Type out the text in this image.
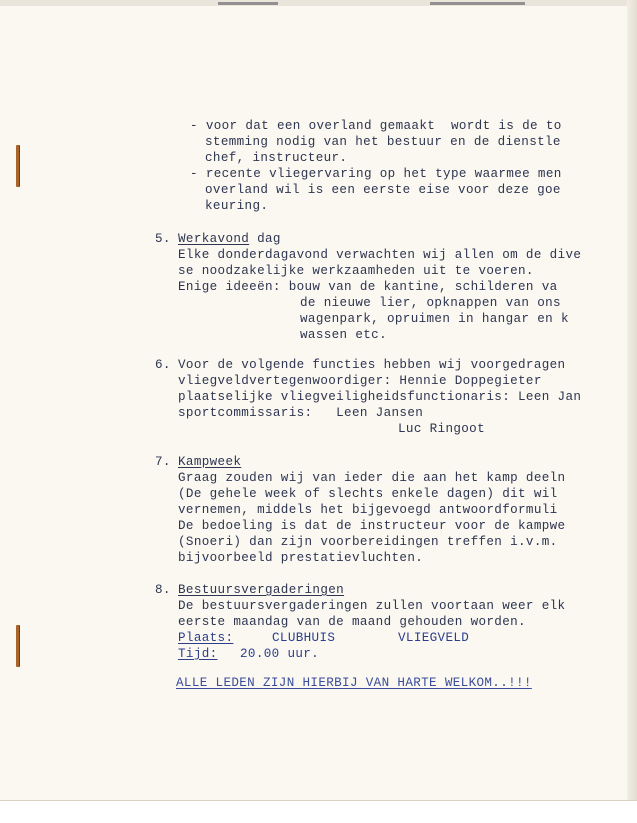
- voor dat een overland gemaakt  wordt is de to
stemming nodig van het bestuur en de dienstle
chef, instructeur.
- recente vliegervaring op het type waarmee men
overland wil is een eerste eise voor deze goe
keuring.
5. Werkavond dag
Elke donderdagavond verwachten wij allen om de dive
se noodzakelijke werkzaamheden uit te voeren.
Enige ideeën: bouw van de kantine, schilderen va
de nieuwe lier, opknappen van ons
wagenpark, opruimen in hangar en k
wassen etc.
6. Voor de volgende functies hebben wij voorgedragen
vliegveldvertegenwoordiger: Hennie Doppegieter
plaatselijke vliegveiligheidsfunctionaris: Leen Jan
sportcommissaris:   Leen Jansen
Luc Ringoot
7. Kampweek
Graag zouden wij van ieder die aan het kamp deeln
(De gehele week of slechts enkele dagen) dit wil
vernemen, middels het bijgevoegd antwoordformuli
De bedoeling is dat de instructeur voor de kampwe
(Snoeri) dan zijn voorbereidingen treffen i.v.m.
bijvoorbeeld prestatievluchten.
8. Bestuursvergaderingen
De bestuursvergaderingen zullen voortaan weer elk
eerste maandag van de maand gehouden worden.
Plaats:	CLUBHUIS	VLIEGVELD
Tijd: 20.00 uur.
ALLE LEDEN ZIJN HIERBIJ VAN HARTE WELKOM..!!!
